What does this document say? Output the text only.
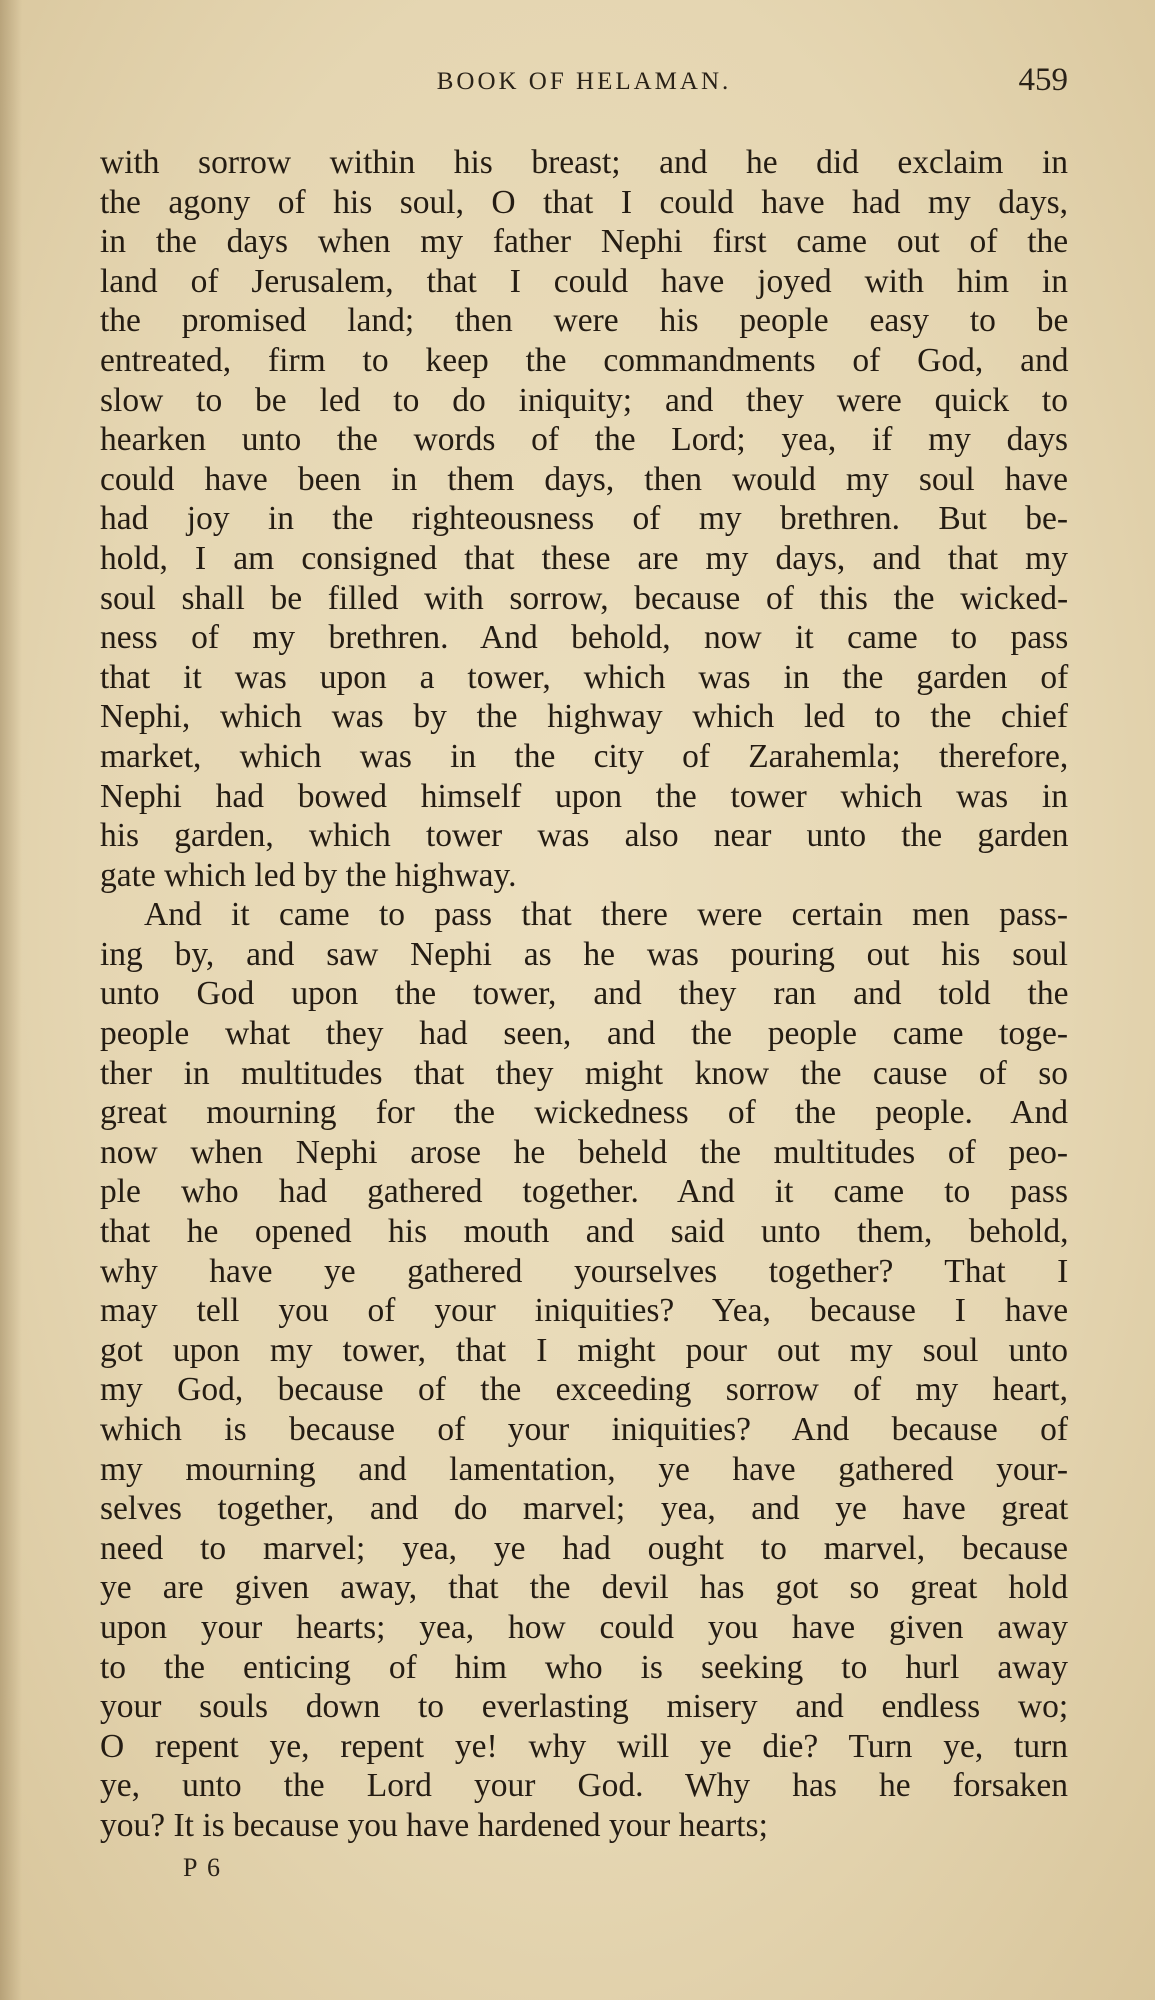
BOOK OF HELAMAN.	459

with sorrow within his breast; and he did exclaim in
the agony of his soul, O that I could have had my days,
in the days when my father Nephi first came out of the
land of Jerusalem, that I could have joyed with him in
the promised land; then were his people easy to be
entreated, firm to keep the commandments of God, and
slow to be led to do iniquity; and they were quick to
hearken unto the words of the Lord; yea, if my days
could have been in them days, then would my soul have
had joy in the righteousness of my brethren. But be-
hold, I am consigned that these are my days, and that my
soul shall be filled with sorrow, because of this the wicked-
ness of my brethren. And behold, now it came to pass
that it was upon a tower, which was in the garden of
Nephi, which was by the highway which led to the chief
market, which was in the city of Zarahemla; therefore,
Nephi had bowed himself upon the tower which was in
his garden, which tower was also near unto the garden
gate which led by the highway.

And it came to pass that there were certain men pass-
ing by, and saw Nephi as he was pouring out his soul
unto God upon the tower, and they ran and told the
people what they had seen, and the people came toge-
ther in multitudes that they might know the cause of so
great mourning for the wickedness of the people. And
now when Nephi arose he beheld the multitudes of peo-
ple who had gathered together. And it came to pass
that he opened his mouth and said unto them, behold,
why have ye gathered yourselves together? That I
may tell you of your iniquities? Yea, because I have
got upon my tower, that I might pour out my soul unto
my God, because of the exceeding sorrow of my heart,
which is because of your iniquities? And because of
my mourning and lamentation, ye have gathered your-
selves together, and do marvel; yea, and ye have great
need to marvel; yea, ye had ought to marvel, because
ye are given away, that the devil has got so great hold
upon your hearts; yea, how could you have given away
to the enticing of him who is seeking to hurl away
your souls down to everlasting misery and endless wo;
O repent ye, repent ye! why will ye die? Turn ye, turn
ye, unto the Lord your God. Why has he forsaken
you? It is because you have hardened your hearts;

P 6
